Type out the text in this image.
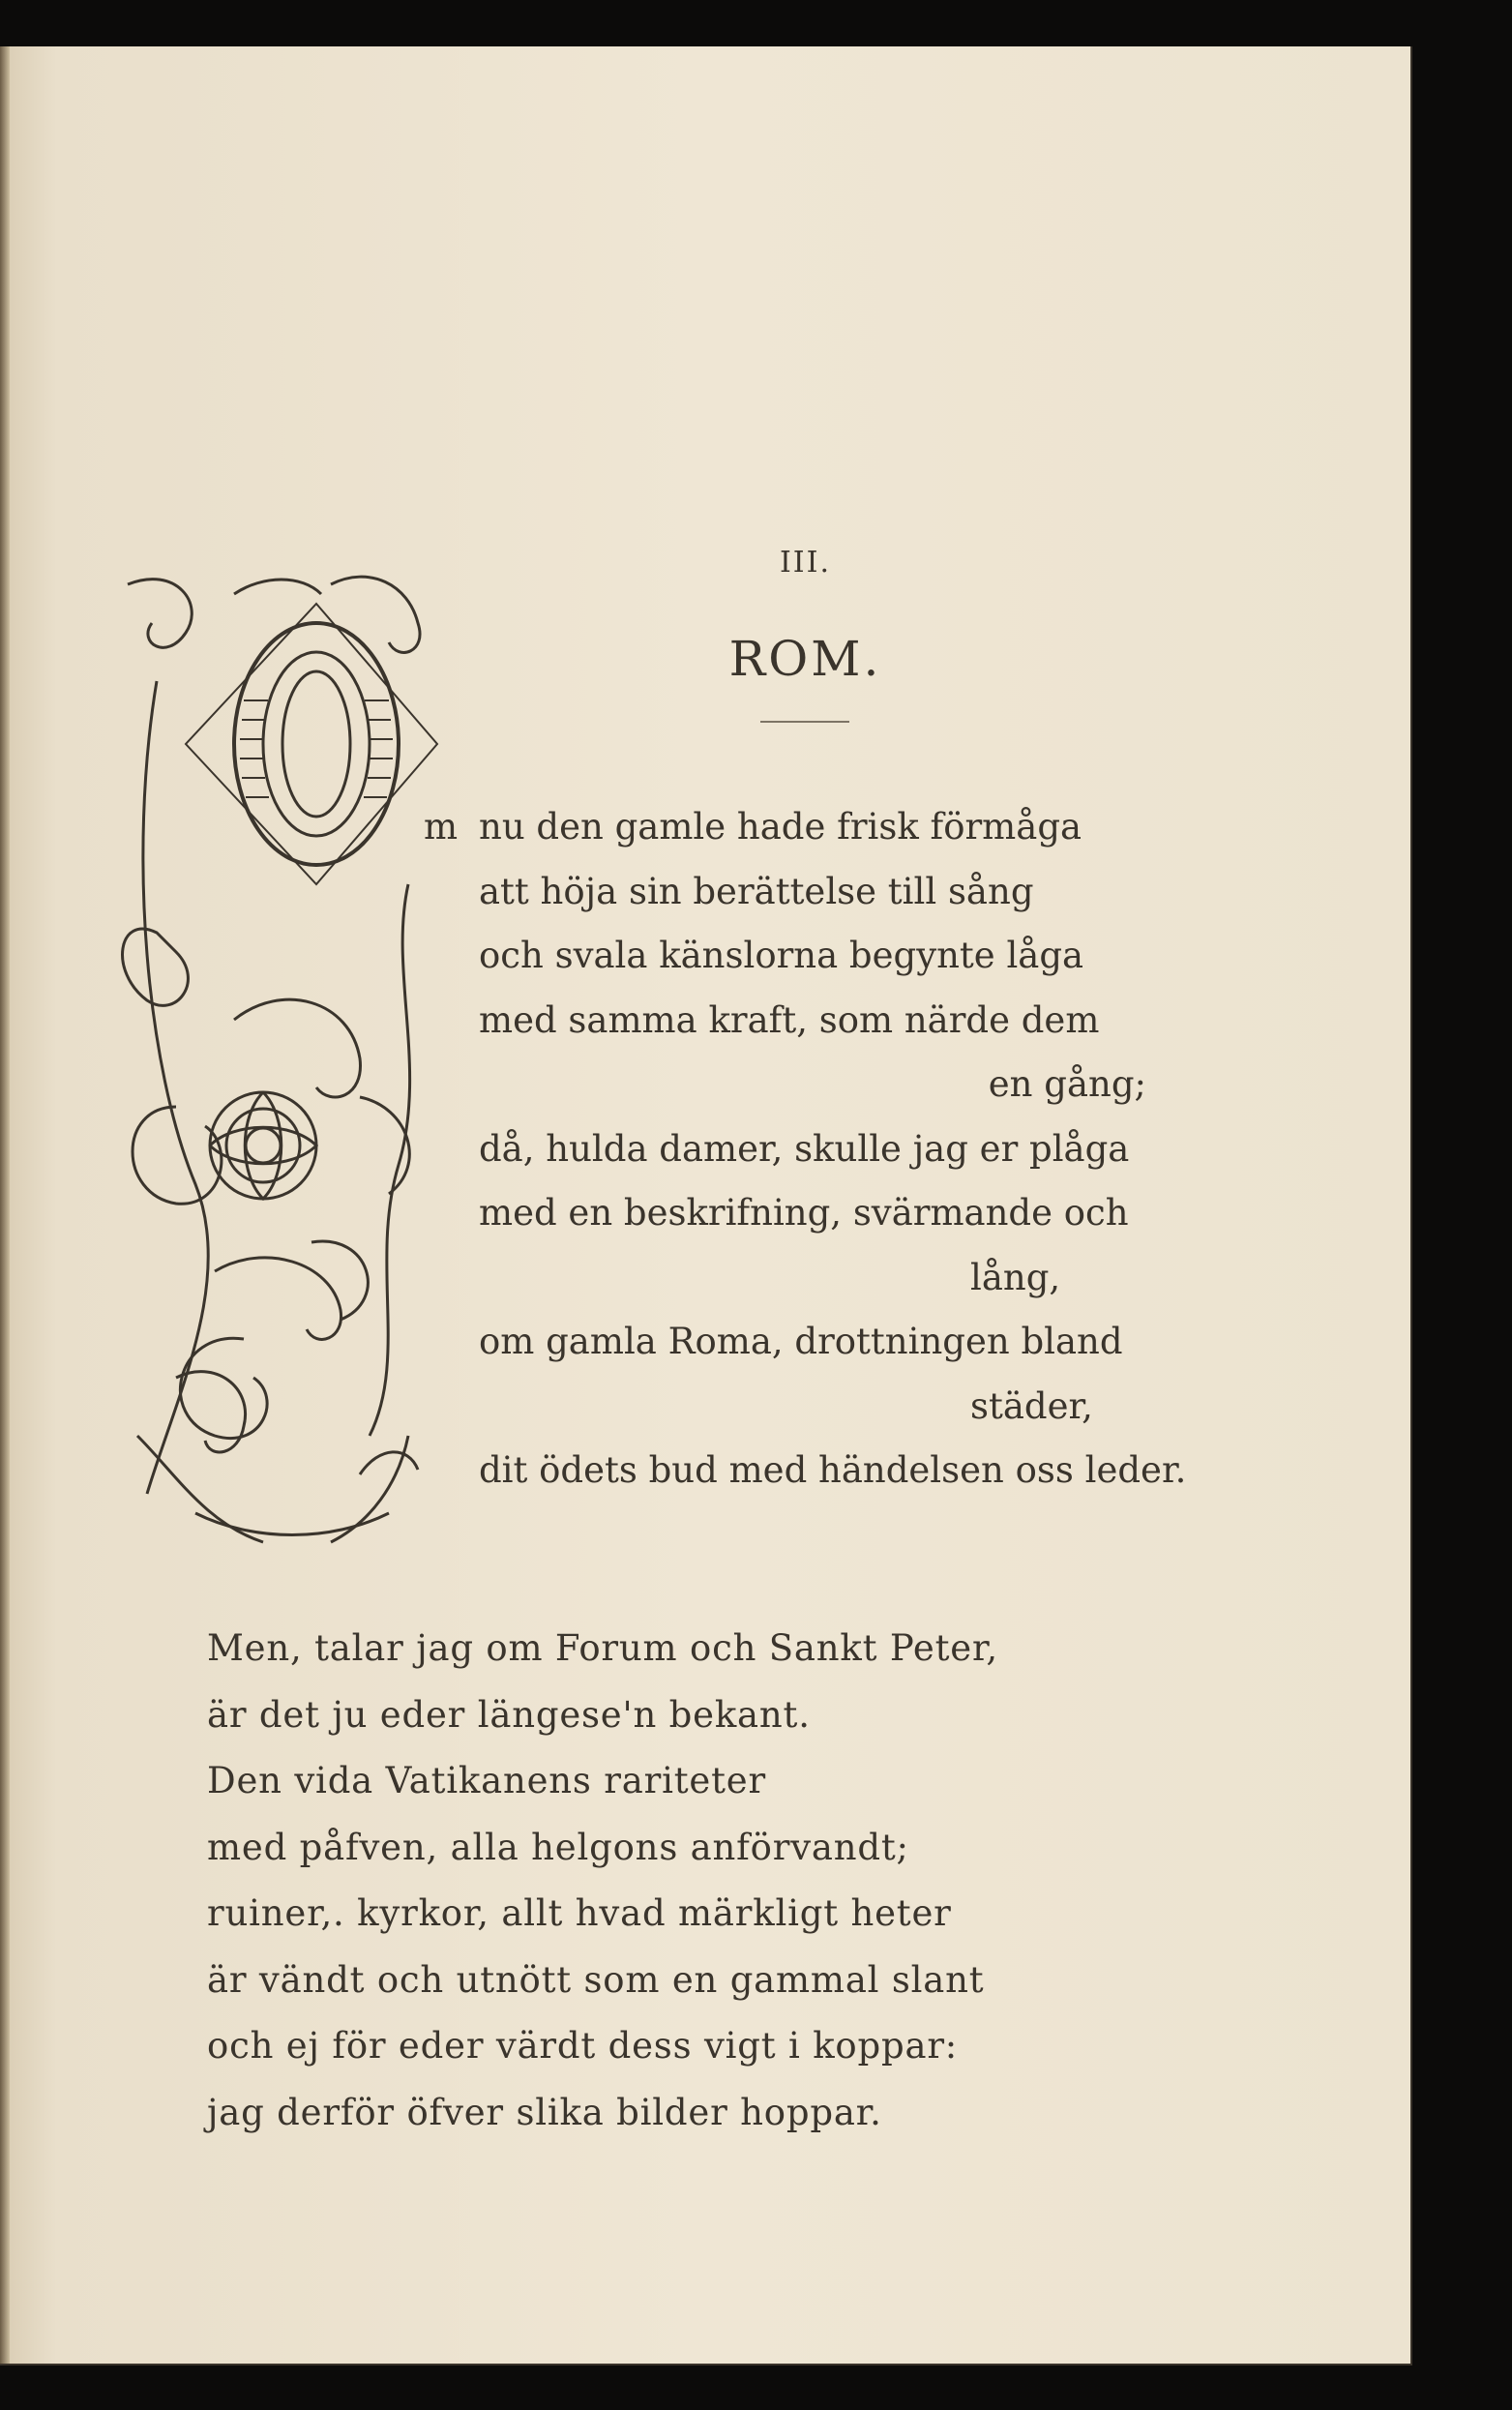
III.
ROM.
m nu den gamle hade frisk förmåga
att höja sin berättelse till sång
och svala känslorna begynte låga
med samma kraft, som närde dem
en gång;
då, hulda damer, skulle jag er plåga
med en beskrifning, svärmande och
lång,
om gamla Roma, drottningen bland
städer,
dit ödets bud med händelsen oss leder.
Men, talar jag om Forum och Sankt Peter,
är det ju eder längese'n bekant.
Den vida Vatikanens rariteter
med påfven, alla helgons anförvandt;
ruiner,. kyrkor, allt hvad märkligt heter
är vändt och utnött som en gammal slant
och ej för eder värdt dess vigt i koppar:
jag derför öfver slika bilder hoppar.
